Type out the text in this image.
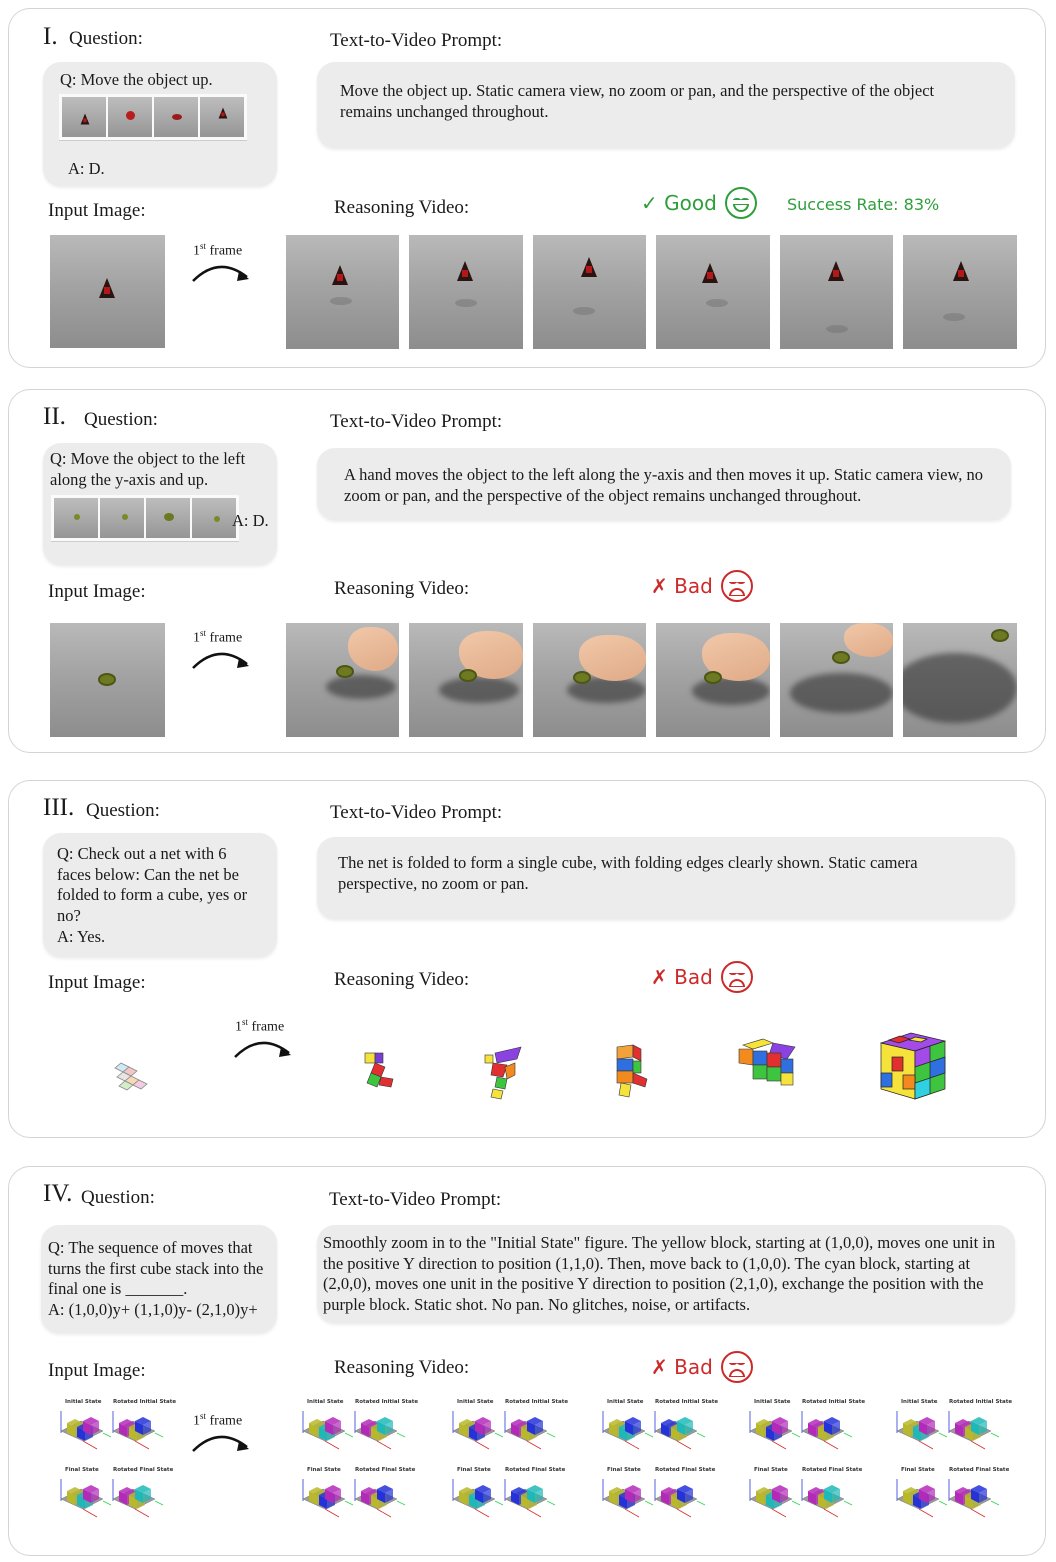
I. Question:	Text-to-Video Prompt:
Q: Move the object up.
A: D.
Move the object up. Static camera view, no zoom or pan, and the perspective of the object remains unchanged throughout.
Input Image:	Reasoning Video:	✓ Good	Success Rate: 83%
1st frame
II. Question:	Text-to-Video Prompt:
Q: Move the object to the left along the y-axis and up.
A: D.
A hand moves the object to the left along the y-axis and then moves it up. Static camera view, no zoom or pan, and the perspective of the object remains unchanged throughout.
Input Image:	Reasoning Video:	✗ Bad
1st frame
III. Question:	Text-to-Video Prompt:
Q: Check out a net with 6 faces below: Can the net be folded to form a cube, yes or no?
A: Yes.
The net is folded to form a single cube, with folding edges clearly shown. Static camera perspective, no zoom or pan.
Input Image:	Reasoning Video:	✗ Bad
1st frame
IV. Question:	Text-to-Video Prompt:
Q: The sequence of moves that turns the first cube stack into the final one is _______.
A: (1,0,0)y+ (1,1,0)y- (2,1,0)y+
Smoothly zoom in to the "Initial State" figure. The yellow block, starting at (1,0,0), moves one unit in the positive Y direction to position (1,1,0). Then, move back to (1,0,0). The cyan block, starting at (2,0,0), moves one unit in the positive Y direction to position (2,1,0), exchange the position with the purple block. Static shot. No pan. No glitches, noise, or artifacts.
Input Image:	Reasoning Video:	✗ Bad
1st frame
Initial State Rotated Initial State
Final State	Rotated Final State
Initial State Rotated Initial State
Final State	Rotated Final State
Initial State Rotated Initial State
Final State	Rotated Final State
Initial State Rotated Initial State
Final State	Rotated Final State
Initial State Rotated Initial State
Final State	Rotated Final State
Initial State Rotated Initial State
Final State	Rotated Final State
